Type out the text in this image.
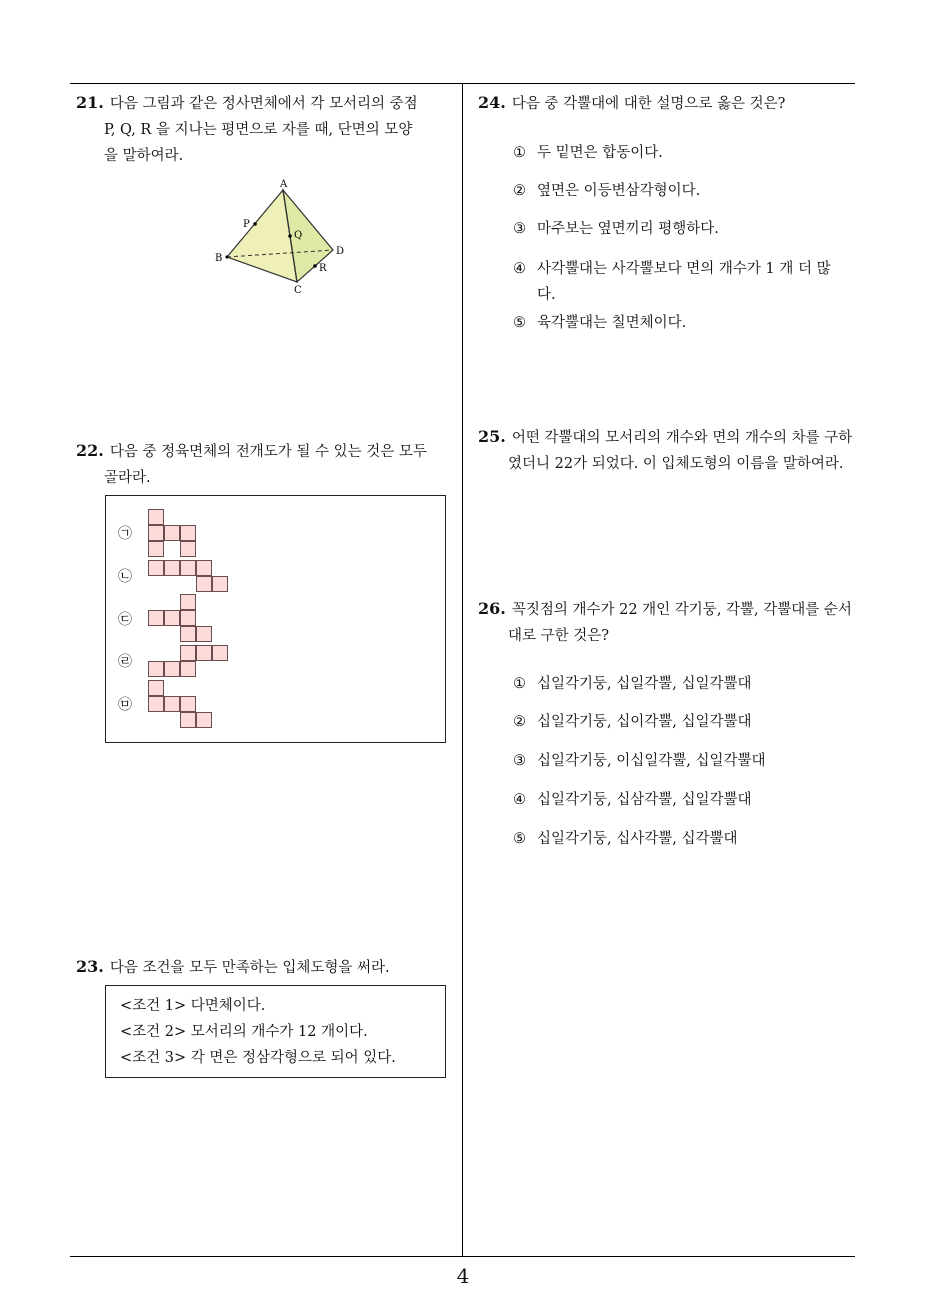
21. 다음 그림과 같은 정사면체에서 각 모서리의 중점
P, Q, R 을 지나는 평면으로 자를 때, 단면의 모양
을 말하여라.
A
B
C
D
P
Q
R
22. 다음 중 정육면체의 전개도가 될 수 있는 것은 모두
골라라.
㉠
㉡
㉢
㉣
㉤
23. 다음 조건을 모두 만족하는 입체도형을 써라.
<조건 1> 다면체이다.
<조건 2> 모서리의 개수가 12 개이다.
<조건 3> 각 면은 정삼각형으로 되어 있다.
24. 다음 중 각뿔대에 대한 설명으로 옳은 것은?
① 두 밑면은 합동이다.
② 옆면은 이등변삼각형이다.
③ 마주보는 옆면끼리 평행하다.
④ 사각뿔대는 사각뿔보다 면의 개수가 1 개 더 많
다.
⑤ 육각뿔대는 칠면체이다.
25. 어떤 각뿔대의 모서리의 개수와 면의 개수의 차를 구하
였더니 22가 되었다. 이 입체도형의 이름을 말하여라.
26. 꼭짓점의 개수가 22 개인 각기둥, 각뿔, 각뿔대를 순서
대로 구한 것은?
① 십일각기둥, 십일각뿔, 십일각뿔대
② 십일각기둥, 십이각뿔, 십일각뿔대
③ 십일각기둥, 이십일각뿔, 십일각뿔대
④ 십일각기둥, 십삼각뿔, 십일각뿔대
⑤ 십일각기둥, 십사각뿔, 십각뿔대
4
